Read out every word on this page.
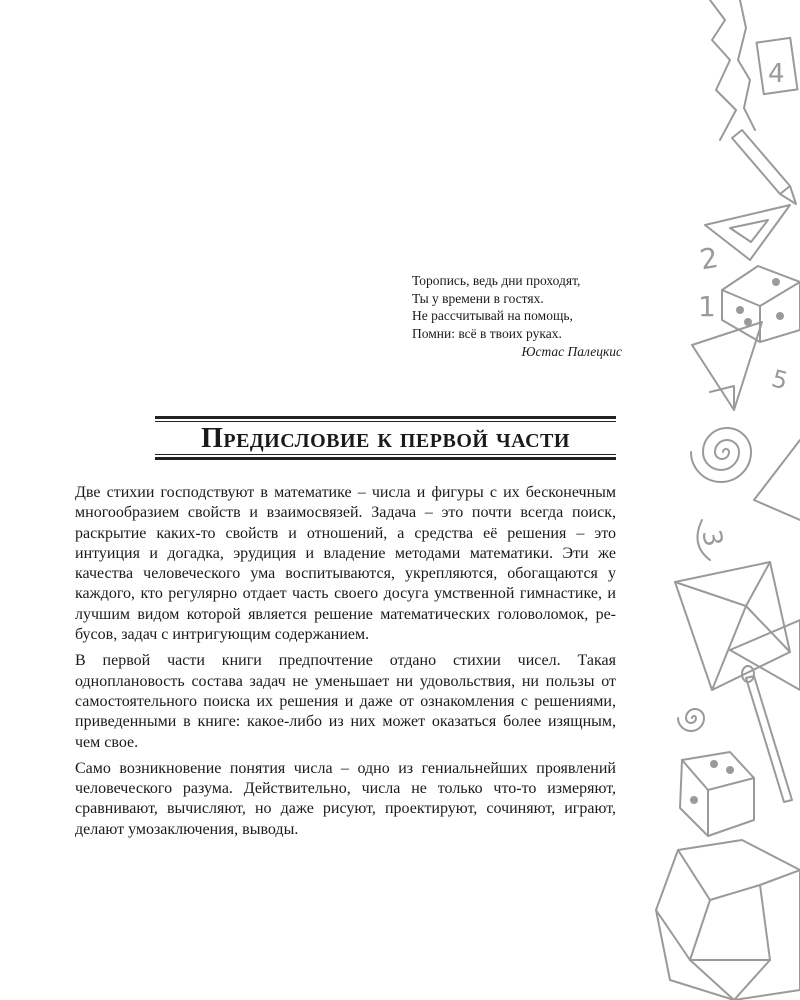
4
2
1
5
3
Торопись, ведь дни проходят,
Ты у времени в гостях.
Не рассчитывай на помощь,
Помни: всё в твоих руках.
Юстас Палецкис
Предисловие к первой части

Две стихии господствуют в математике – числа и фигуры с их бесконечным многообразием свойств и взаимосвязей. Задача – это почти всегда поиск, раскрытие каких-то свойств и отношений, а средства её решения – это интуиция и догадка, эрудиция и владение методами математики. Эти же качества человеческого ума воспитываются, укрепляются, обогащаются у каждого, кто регулярно отдает часть своего досуга умственной гимнастике, и лучшим видом которой является решение математических головоломок, ребусов, задач с интригующим содержанием.

В первой части книги предпочтение отдано стихии чисел. Такая одноплановость состава задач не уменьшает ни удовольствия, ни пользы от самостоятельного поиска их решения и даже от ознакомления с решениями, приведенными в книге: какое-либо из них может оказаться более изящным, чем свое.

Само возникновение понятия числа – одно из гениальнейших проявлений человеческого разума. Действительно, числа не только что-то измеряют, сравнивают, вычисляют, но даже рисуют, проектируют, сочиняют, играют, делают умозаключения, выводы.
